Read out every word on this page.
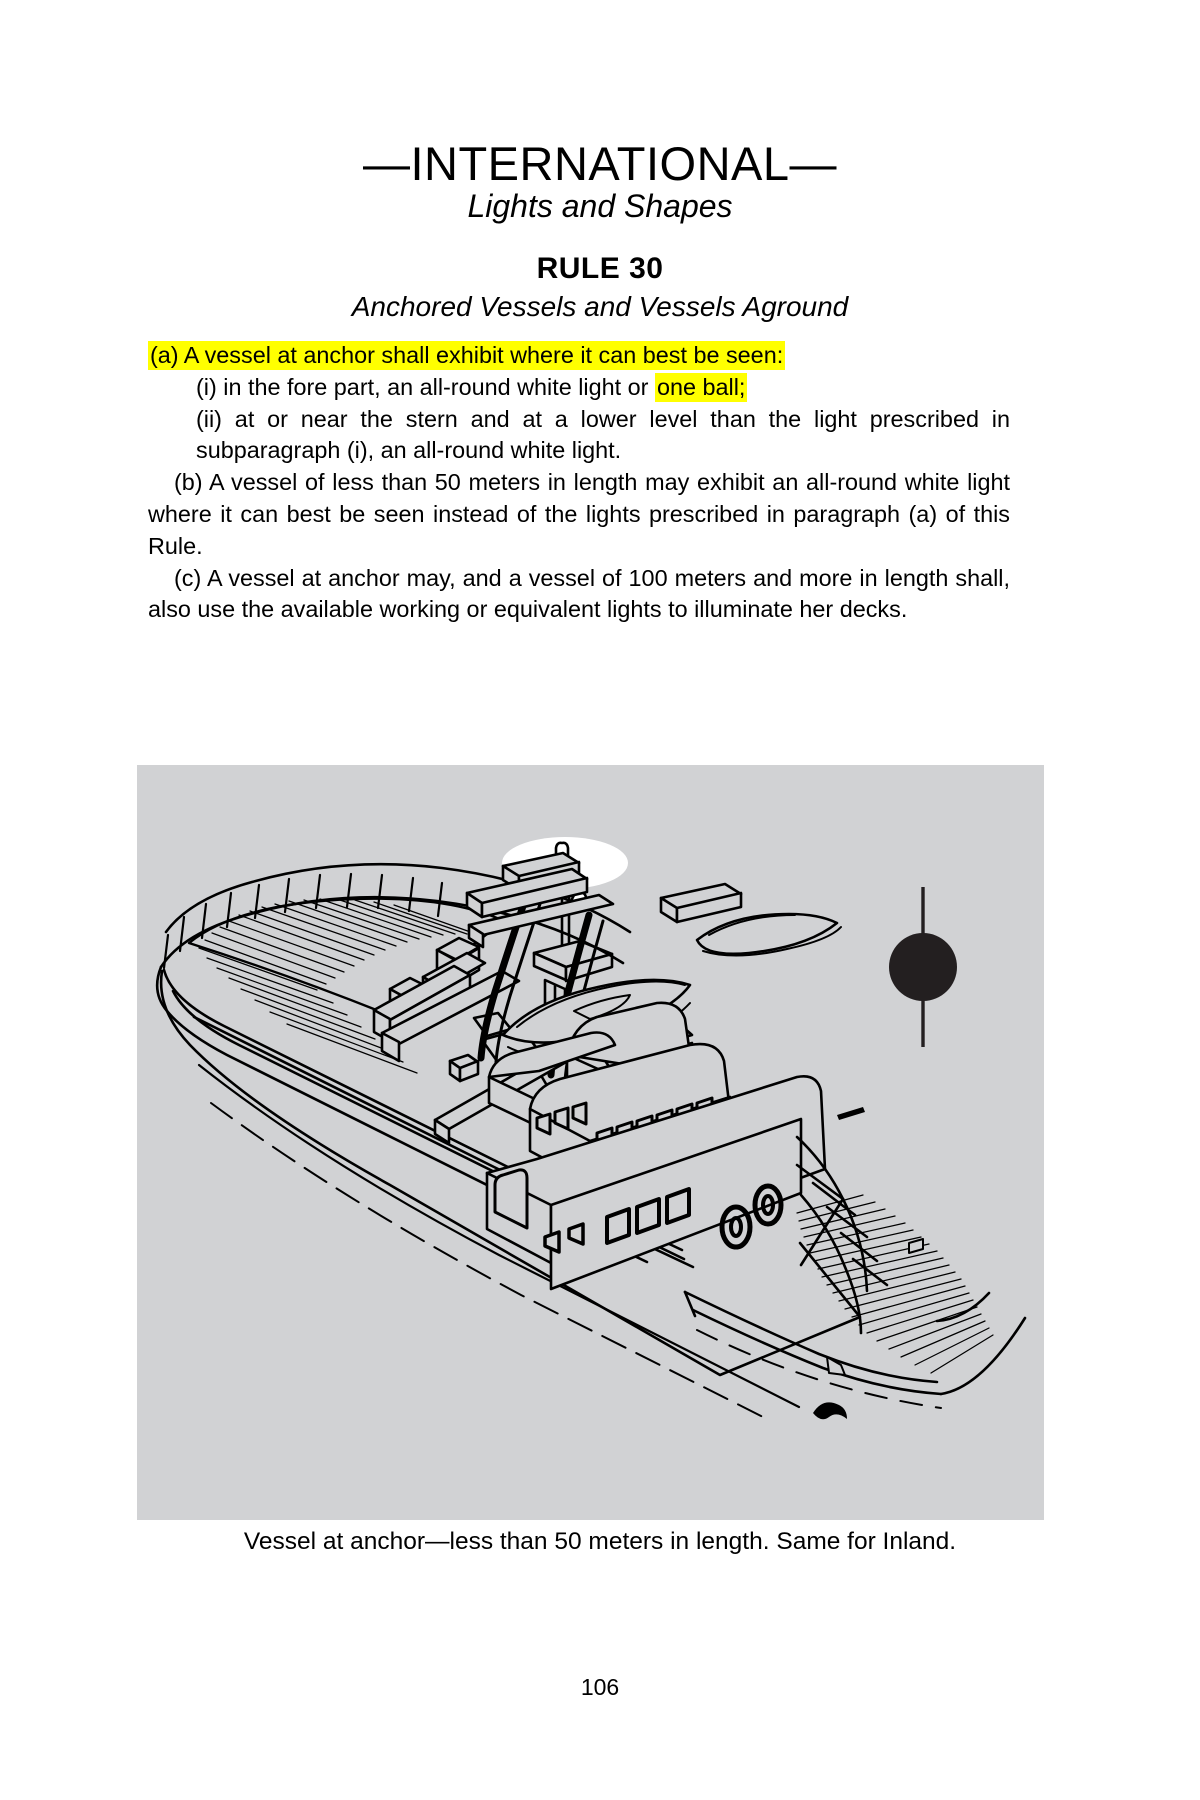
—INTERNATIONAL—
Lights and Shapes
RULE 30
Anchored Vessels and Vessels Aground

(a) A vessel at anchor shall exhibit where it can best be seen:

(i) in the fore part, an all-round white light or one ball;

(ii) at or near the stern and at a lower level than the light prescribed in subparagraph (i), an all-round white light.

(b) A vessel of less than 50 meters in length may exhibit an all-round white light where it can best be seen instead of the lights prescribed in paragraph (a) of this Rule.

(c) A vessel at anchor may, and a vessel of 100 meters and more in length shall, also use the available working or equivalent lights to illuminate her decks.

Vessel at anchor—less than 50 meters in length. Same for Inland.
106
